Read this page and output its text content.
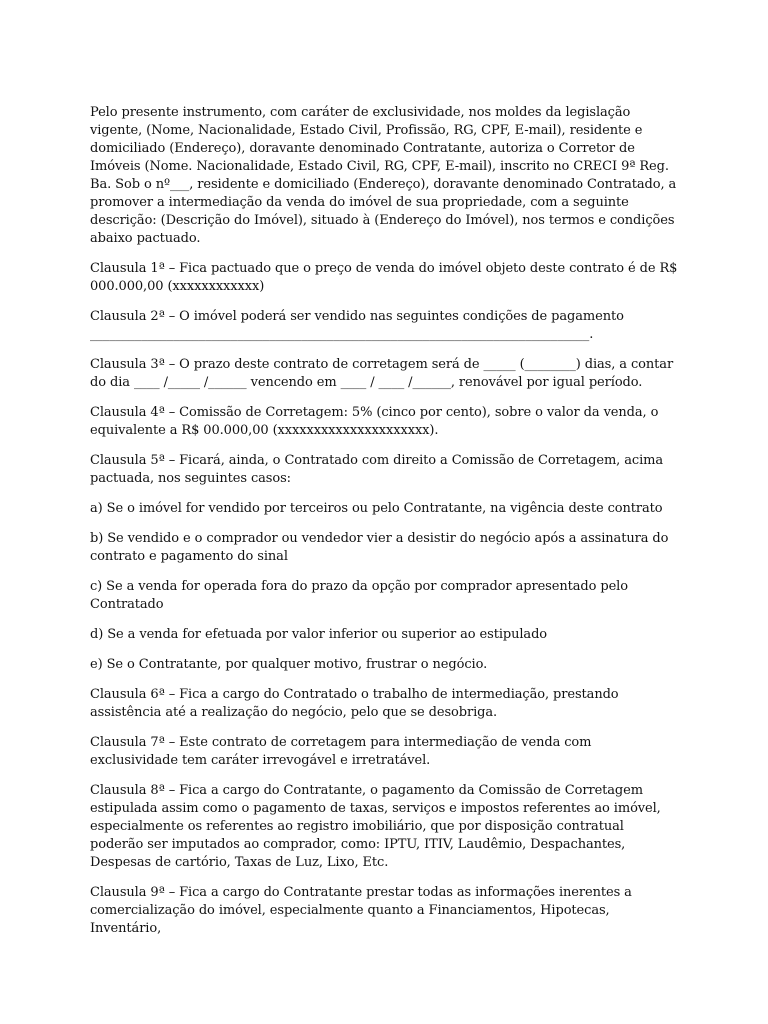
Pelo presente instrumento, com caráter de exclusividade, nos moldes da legislação vigente, (Nome, Nacionalidade, Estado Civil, Profissão, RG, CPF, E-mail), residente e domiciliado (Endereço), doravante denominado Contratante, autoriza o Corretor de Imóveis (Nome. Nacionalidade, Estado Civil, RG, CPF, E-mail), inscrito no CRECI 9ª Reg. Ba. Sob o nº___, residente e domiciliado (Endereço), doravante denominado Contratado, a promover a intermediação da venda do imóvel de sua propriedade, com a seguinte descrição: (Descrição do Imóvel), situado à (Endereço do Imóvel), nos termos e condições abaixo pactuado.

Clausula 1ª – Fica pactuado que o preço de venda do imóvel objeto deste contrato é de R$ 000.000,00 (xxxxxxxxxxxx)

Clausula 2ª – O imóvel poderá ser vendido nas seguintes condições de pagamento ______________________________________________________________________________.

Clausula 3ª – O prazo deste contrato de corretagem será de _____ (________) dias, a contar do dia ____ /_____ /______ vencendo em ____ / ____ /______, renovável por igual período.

Clausula 4ª – Comissão de Corretagem: 5% (cinco por cento), sobre o valor da venda, o equivalente a R$ 00.000,00 (xxxxxxxxxxxxxxxxxxxxx).

Clausula 5ª – Ficará, ainda, o Contratado com direito a Comissão de Corretagem, acima pactuada, nos seguintes casos:

a) Se o imóvel for vendido por terceiros ou pelo Contratante, na vigência deste contrato

b) Se vendido e o comprador ou vendedor vier a desistir do negócio após a assinatura do contrato e pagamento do sinal

c) Se a venda for operada fora do prazo da opção por comprador apresentado pelo Contratado

d) Se a venda for efetuada por valor inferior ou superior ao estipulado

e) Se o Contratante, por qualquer motivo, frustrar o negócio.

Clausula 6ª – Fica a cargo do Contratado o trabalho de intermediação, prestando assistência até a realização do negócio, pelo que se desobriga.

Clausula 7ª – Este contrato de corretagem para intermediação de venda com exclusividade tem caráter irrevogável e irretratável.

Clausula 8ª – Fica a cargo do Contratante, o pagamento da Comissão de Corretagem estipulada assim como o pagamento de taxas, serviços e impostos referentes ao imóvel, especialmente os referentes ao registro imobiliário, que por disposição contratual poderão ser imputados ao comprador, como: IPTU, ITIV, Laudêmio, Despachantes, Despesas de cartório, Taxas de Luz, Lixo, Etc.

Clausula 9ª – Fica a cargo do Contratante prestar todas as informações inerentes a comercialização do imóvel, especialmente quanto a Financiamentos, Hipotecas, Inventário,
